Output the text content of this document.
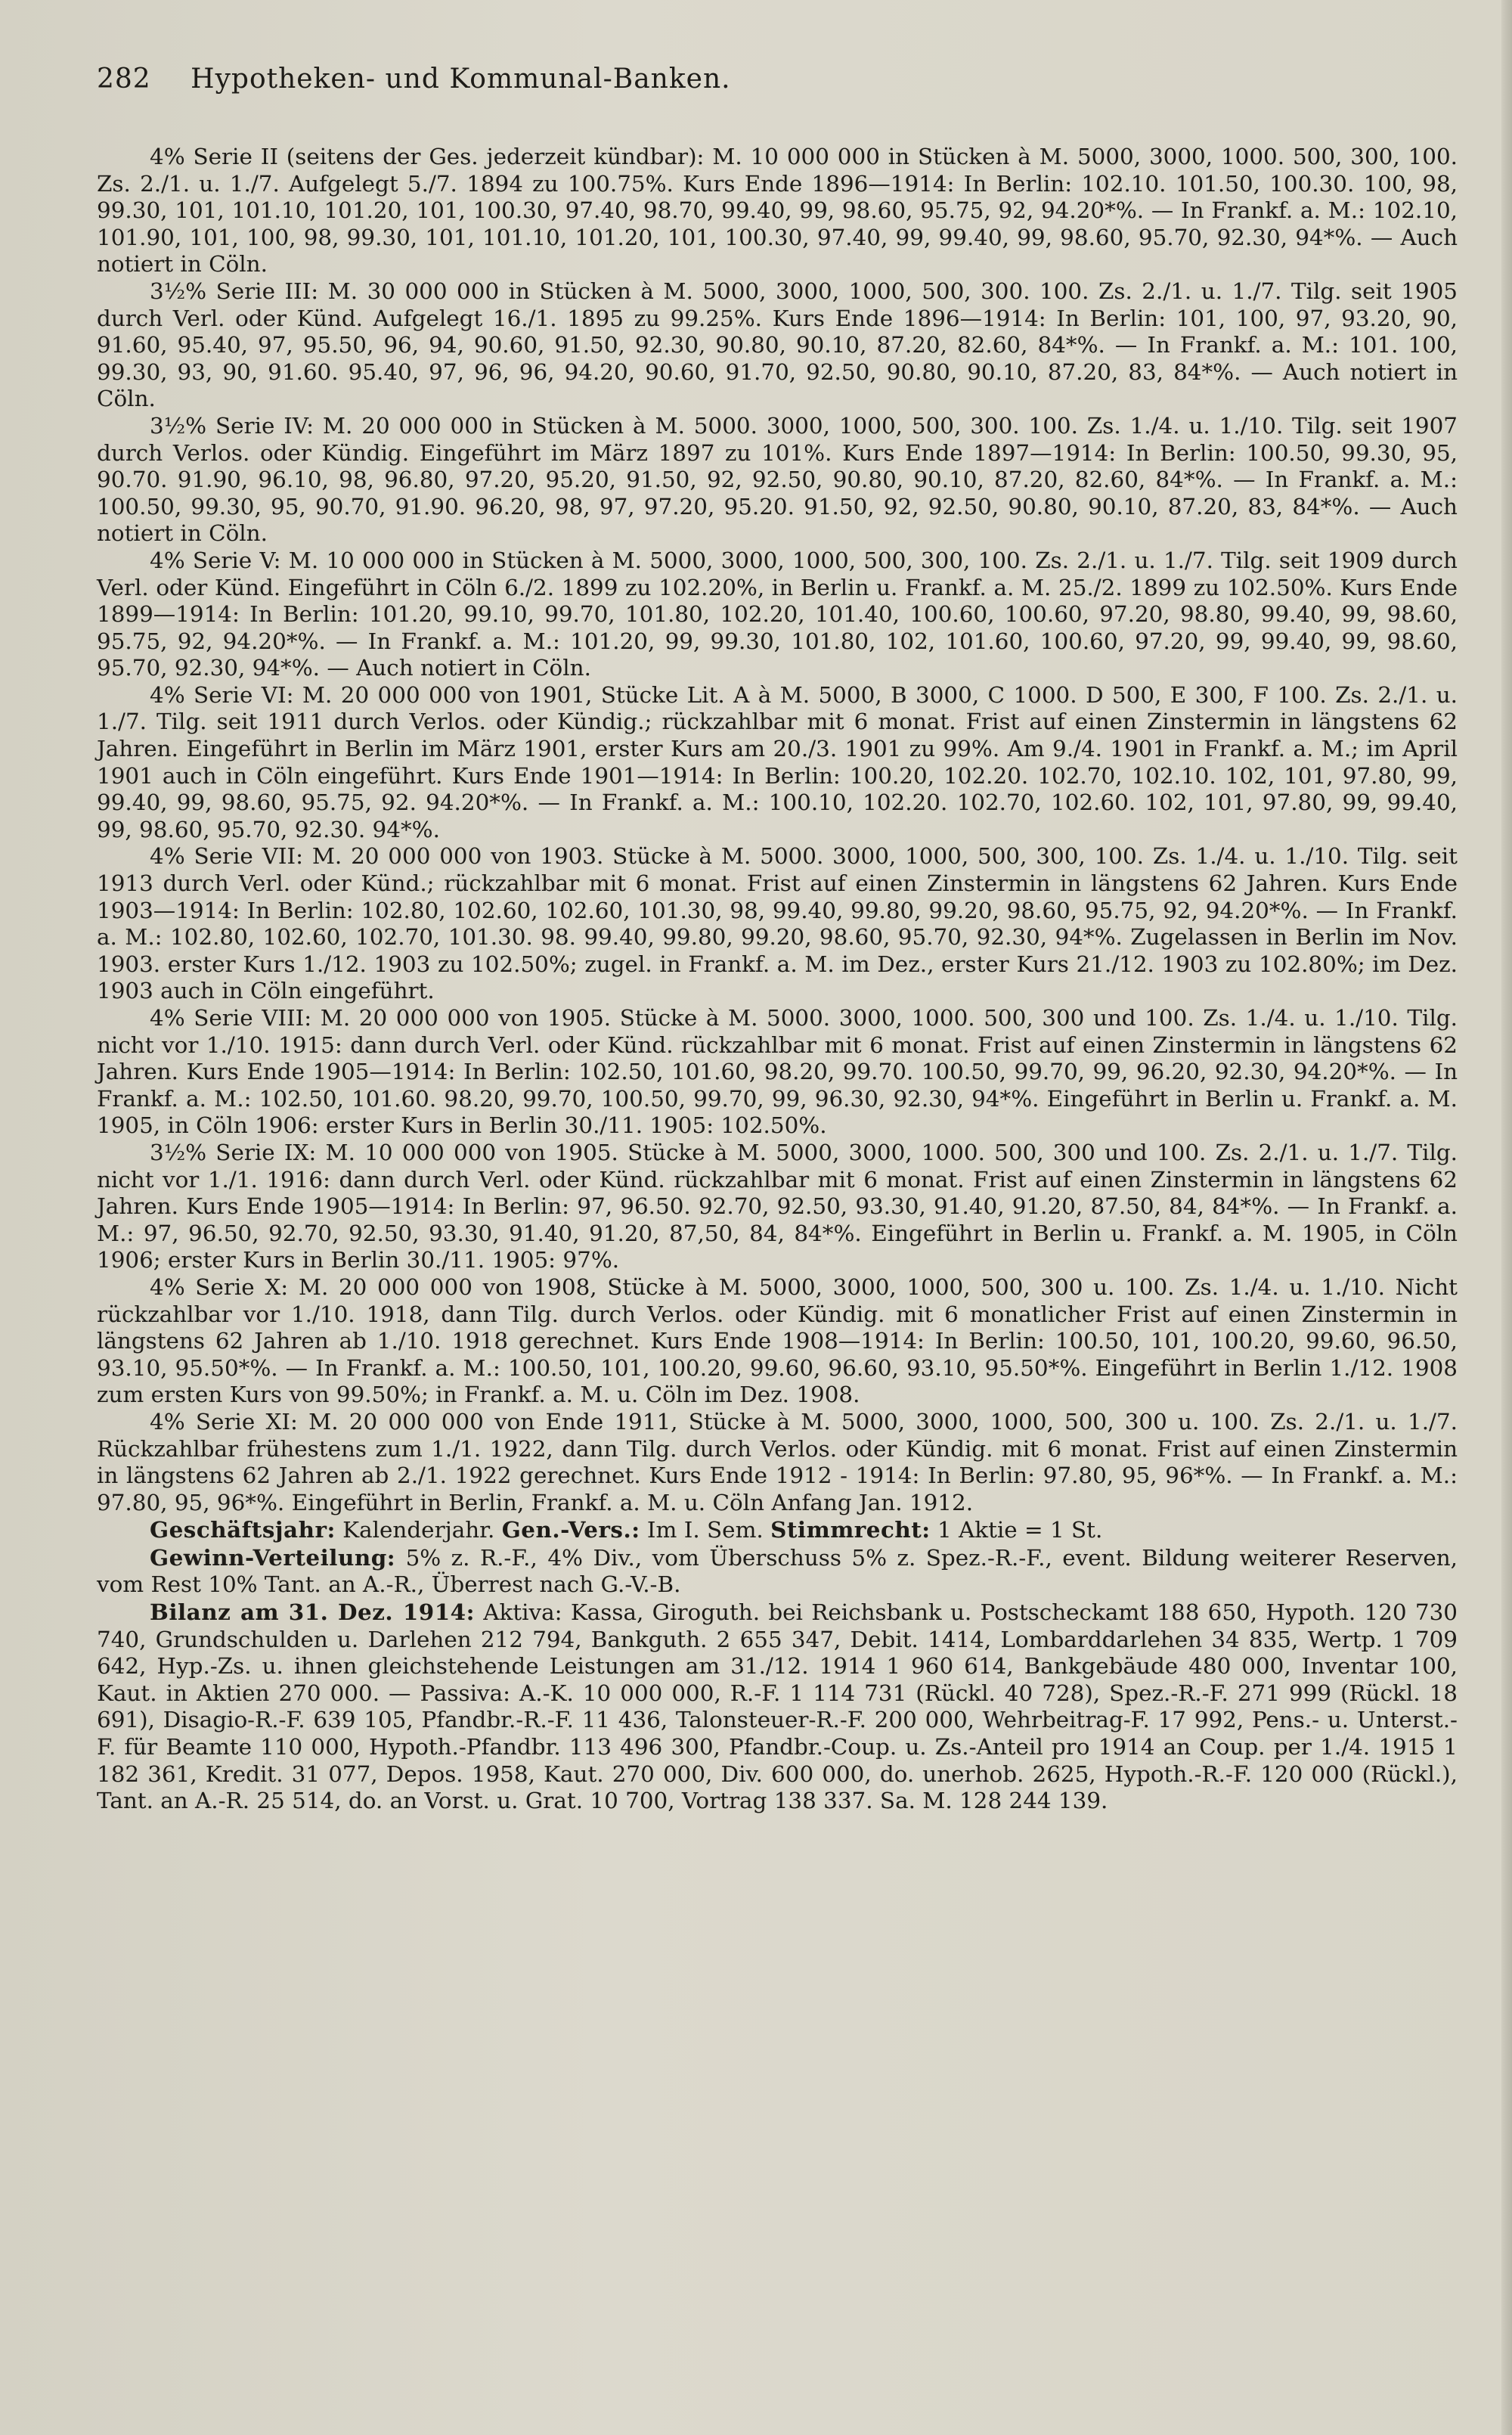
282 Hypotheken- und Kommunal-Banken.

4% Serie II (seitens der Ges. jederzeit kündbar): M. 10 000 000 in Stücken à M. 5000, 3000, 1000. 500, 300, 100. Zs. 2./1. u. 1./7. Aufgelegt 5./7. 1894 zu 100.75%. Kurs Ende 1896—1914: In Berlin: 102.10. 101.50, 100.30. 100, 98, 99.30, 101, 101.10, 101.20, 101, 100.30, 97.40, 98.70, 99.40, 99, 98.60, 95.75, 92, 94.20*%. — In Frankf. a. M.: 102.10, 101.90, 101, 100, 98, 99.30, 101, 101.10, 101.20, 101, 100.30, 97.40, 99, 99.40, 99, 98.60, 95.70, 92.30, 94*%. — Auch notiert in Cöln.

3½% Serie III: M. 30 000 000 in Stücken à M. 5000, 3000, 1000, 500, 300. 100. Zs. 2./1. u. 1./7. Tilg. seit 1905 durch Verl. oder Künd. Aufgelegt 16./1. 1895 zu 99.25%. Kurs Ende 1896—1914: In Berlin: 101, 100, 97, 93.20, 90, 91.60, 95.40, 97, 95.50, 96, 94, 90.60, 91.50, 92.30, 90.80, 90.10, 87.20, 82.60, 84*%. — In Frankf. a. M.: 101. 100, 99.30, 93, 90, 91.60. 95.40, 97, 96, 96, 94.20, 90.60, 91.70, 92.50, 90.80, 90.10, 87.20, 83, 84*%. — Auch notiert in Cöln.

3½% Serie IV: M. 20 000 000 in Stücken à M. 5000. 3000, 1000, 500, 300. 100. Zs. 1./4. u. 1./10. Tilg. seit 1907 durch Verlos. oder Kündig. Eingeführt im März 1897 zu 101%. Kurs Ende 1897—1914: In Berlin: 100.50, 99.30, 95, 90.70. 91.90, 96.10, 98, 96.80, 97.20, 95.20, 91.50, 92, 92.50, 90.80, 90.10, 87.20, 82.60, 84*%. — In Frankf. a. M.: 100.50, 99.30, 95, 90.70, 91.90. 96.20, 98, 97, 97.20, 95.20. 91.50, 92, 92.50, 90.80, 90.10, 87.20, 83, 84*%. — Auch notiert in Cöln.

4% Serie V: M. 10 000 000 in Stücken à M. 5000, 3000, 1000, 500, 300, 100. Zs. 2./1. u. 1./7. Tilg. seit 1909 durch Verl. oder Künd. Eingeführt in Cöln 6./2. 1899 zu 102.20%, in Berlin u. Frankf. a. M. 25./2. 1899 zu 102.50%. Kurs Ende 1899—1914: In Berlin: 101.20, 99.10, 99.70, 101.80, 102.20, 101.40, 100.60, 100.60, 97.20, 98.80, 99.40, 99, 98.60, 95.75, 92, 94.20*%. — In Frankf. a. M.: 101.20, 99, 99.30, 101.80, 102, 101.60, 100.60, 97.20, 99, 99.40, 99, 98.60, 95.70, 92.30, 94*%. — Auch notiert in Cöln.

4% Serie VI: M. 20 000 000 von 1901, Stücke Lit. A à M. 5000, B 3000, C 1000. D 500, E 300, F 100. Zs. 2./1. u. 1./7. Tilg. seit 1911 durch Verlos. oder Kündig.; rückzahlbar mit 6 monat. Frist auf einen Zinstermin in längstens 62 Jahren. Eingeführt in Berlin im März 1901, erster Kurs am 20./3. 1901 zu 99%. Am 9./4. 1901 in Frankf. a. M.; im April 1901 auch in Cöln eingeführt. Kurs Ende 1901—1914: In Berlin: 100.20, 102.20. 102.70, 102.10. 102, 101, 97.80, 99, 99.40, 99, 98.60, 95.75, 92. 94.20*%. — In Frankf. a. M.: 100.10, 102.20. 102.70, 102.60. 102, 101, 97.80, 99, 99.40, 99, 98.60, 95.70, 92.30. 94*%.

4% Serie VII: M. 20 000 000 von 1903. Stücke à M. 5000. 3000, 1000, 500, 300, 100. Zs. 1./4. u. 1./10. Tilg. seit 1913 durch Verl. oder Künd.; rückzahlbar mit 6 monat. Frist auf einen Zinstermin in längstens 62 Jahren. Kurs Ende 1903—1914: In Berlin: 102.80, 102.60, 102.60, 101.30, 98, 99.40, 99.80, 99.20, 98.60, 95.75, 92, 94.20*%. — In Frankf. a. M.: 102.80, 102.60, 102.70, 101.30. 98. 99.40, 99.80, 99.20, 98.60, 95.70, 92.30, 94*%. Zugelassen in Berlin im Nov. 1903. erster Kurs 1./12. 1903 zu 102.50%; zugel. in Frankf. a. M. im Dez., erster Kurs 21./12. 1903 zu 102.80%; im Dez. 1903 auch in Cöln eingeführt.

4% Serie VIII: M. 20 000 000 von 1905. Stücke à M. 5000. 3000, 1000. 500, 300 und 100. Zs. 1./4. u. 1./10. Tilg. nicht vor 1./10. 1915: dann durch Verl. oder Künd. rückzahlbar mit 6 monat. Frist auf einen Zinstermin in längstens 62 Jahren. Kurs Ende 1905—1914: In Berlin: 102.50, 101.60, 98.20, 99.70. 100.50, 99.70, 99, 96.20, 92.30, 94.20*%. — In Frankf. a. M.: 102.50, 101.60. 98.20, 99.70, 100.50, 99.70, 99, 96.30, 92.30, 94*%. Eingeführt in Berlin u. Frankf. a. M. 1905, in Cöln 1906: erster Kurs in Berlin 30./11. 1905: 102.50%.

3½% Serie IX: M. 10 000 000 von 1905. Stücke à M. 5000, 3000, 1000. 500, 300 und 100. Zs. 2./1. u. 1./7. Tilg. nicht vor 1./1. 1916: dann durch Verl. oder Künd. rückzahlbar mit 6 monat. Frist auf einen Zinstermin in längstens 62 Jahren. Kurs Ende 1905—1914: In Berlin: 97, 96.50. 92.70, 92.50, 93.30, 91.40, 91.20, 87.50, 84, 84*%. — In Frankf. a. M.: 97, 96.50, 92.70, 92.50, 93.30, 91.40, 91.20, 87,50, 84, 84*%. Eingeführt in Berlin u. Frankf. a. M. 1905, in Cöln 1906; erster Kurs in Berlin 30./11. 1905: 97%.

4% Serie X: M. 20 000 000 von 1908, Stücke à M. 5000, 3000, 1000, 500, 300 u. 100. Zs. 1./4. u. 1./10. Nicht rückzahlbar vor 1./10. 1918, dann Tilg. durch Verlos. oder Kündig. mit 6 monatlicher Frist auf einen Zinstermin in längstens 62 Jahren ab 1./10. 1918 gerechnet. Kurs Ende 1908—1914: In Berlin: 100.50, 101, 100.20, 99.60, 96.50, 93.10, 95.50*%. — In Frankf. a. M.: 100.50, 101, 100.20, 99.60, 96.60, 93.10, 95.50*%. Eingeführt in Berlin 1./12. 1908 zum ersten Kurs von 99.50%; in Frankf. a. M. u. Cöln im Dez. 1908.

4% Serie XI: M. 20 000 000 von Ende 1911, Stücke à M. 5000, 3000, 1000, 500, 300 u. 100. Zs. 2./1. u. 1./7. Rückzahlbar frühestens zum 1./1. 1922, dann Tilg. durch Verlos. oder Kündig. mit 6 monat. Frist auf einen Zinstermin in längstens 62 Jahren ab 2./1. 1922 gerechnet. Kurs Ende 1912 - 1914: In Berlin: 97.80, 95, 96*%. — In Frankf. a. M.: 97.80, 95, 96*%. Eingeführt in Berlin, Frankf. a. M. u. Cöln Anfang Jan. 1912.

Geschäftsjahr: Kalenderjahr. Gen.-Vers.: Im I. Sem. Stimmrecht: 1 Aktie = 1 St.

Gewinn-Verteilung: 5% z. R.-F., 4% Div., vom Überschuss 5% z. Spez.-R.-F., event. Bildung weiterer Reserven, vom Rest 10% Tant. an A.-R., Überrest nach G.-V.-B.

Bilanz am 31. Dez. 1914: Aktiva: Kassa, Giroguth. bei Reichsbank u. Postscheckamt 188 650, Hypoth. 120 730 740, Grundschulden u. Darlehen 212 794, Bankguth. 2 655 347, Debit. 1414, Lombarddarlehen 34 835, Wertp. 1 709 642, Hyp.-Zs. u. ihnen gleichstehende Leistungen am 31./12. 1914 1 960 614, Bankgebäude 480 000, Inventar 100, Kaut. in Aktien 270 000. — Passiva: A.-K. 10 000 000, R.-F. 1 114 731 (Rückl. 40 728), Spez.-R.-F. 271 999 (Rückl. 18 691), Disagio-R.-F. 639 105, Pfandbr.-R.-F. 11 436, Talonsteuer-R.-F. 200 000, Wehrbeitrag-F. 17 992, Pens.- u. Unterst.-F. für Beamte 110 000, Hypoth.-Pfandbr. 113 496 300, Pfandbr.-Coup. u. Zs.-Anteil pro 1914 an Coup. per 1./4. 1915 1 182 361, Kredit. 31 077, Depos. 1958, Kaut. 270 000, Div. 600 000, do. unerhob. 2625, Hypoth.-R.-F. 120 000 (Rückl.), Tant. an A.-R. 25 514, do. an Vorst. u. Grat. 10 700, Vortrag 138 337. Sa. M. 128 244 139.
